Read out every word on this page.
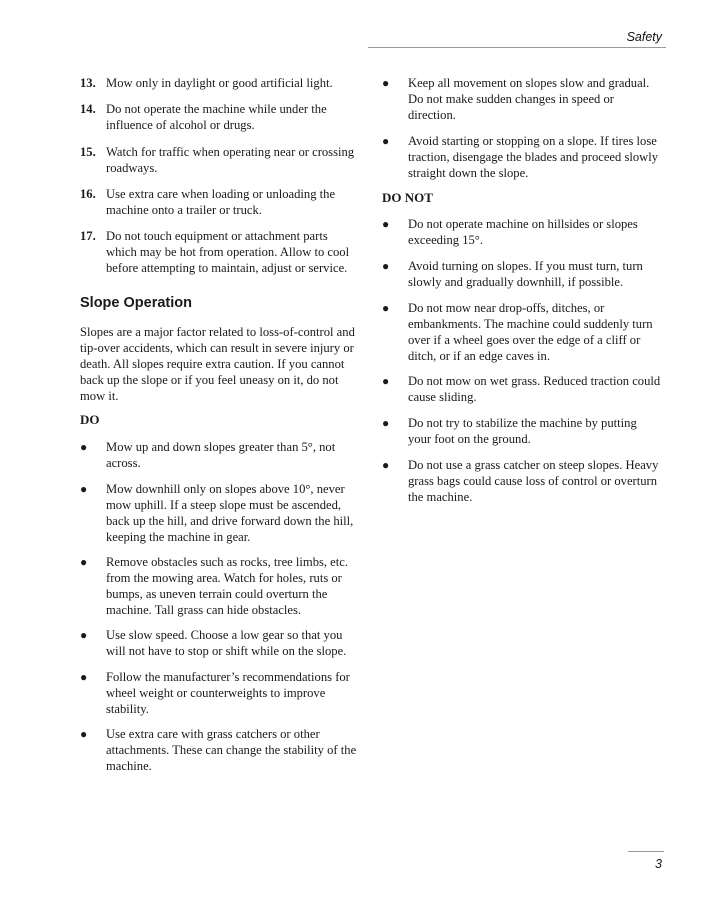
Safety
13. Mow only in daylight or good artificial light.
14. Do not operate the machine while under the influence of alcohol or drugs.
15. Watch for traffic when operating near or crossing roadways.
16. Use extra care when loading or unloading the machine onto a trailer or truck.
17. Do not touch equipment or attachment parts which may be hot from operation. Allow to cool before attempting to maintain, adjust or service.
Slope Operation
Slopes are a major factor related to loss-of-control and tip-over accidents, which can result in severe injury or death. All slopes require extra caution. If you cannot back up the slope or if you feel uneasy on it, do not mow it.
DO
●	Mow up and down slopes greater than 5°, not across.
●	Mow downhill only on slopes above 10°, never mow uphill. If a steep slope must be ascended, back up the hill, and drive forward down the hill, keeping the machine in gear.
●	Remove obstacles such as rocks, tree limbs, etc. from the mowing area. Watch for holes, ruts or bumps, as uneven terrain could overturn the machine. Tall grass can hide obstacles.
●	Use slow speed. Choose a low gear so that you will not have to stop or shift while on the slope.
●	Follow the manufacturer’s recommendations for wheel weight or counterweights to improve stability.
●	Use extra care with grass catchers or other attachments. These can change the stability of the machine.
●	Keep all movement on slopes slow and gradual. Do not make sudden changes in speed or direction.
●	Avoid starting or stopping on a slope. If tires lose traction, disengage the blades and proceed slowly straight down the slope.
DO NOT
●	Do not operate machine on hillsides or slopes exceeding 15°.
●	Avoid turning on slopes. If you must turn, turn slowly and gradually downhill, if possible.
●	Do not mow near drop-offs, ditches, or embankments. The machine could suddenly turn over if a wheel goes over the edge of a cliff or ditch, or if an edge caves in.
●	Do not mow on wet grass. Reduced traction could cause sliding.
●	Do not try to stabilize the machine by putting your foot on the ground.
●	Do not use a grass catcher on steep slopes. Heavy grass bags could cause loss of control or overturn the machine.
3
